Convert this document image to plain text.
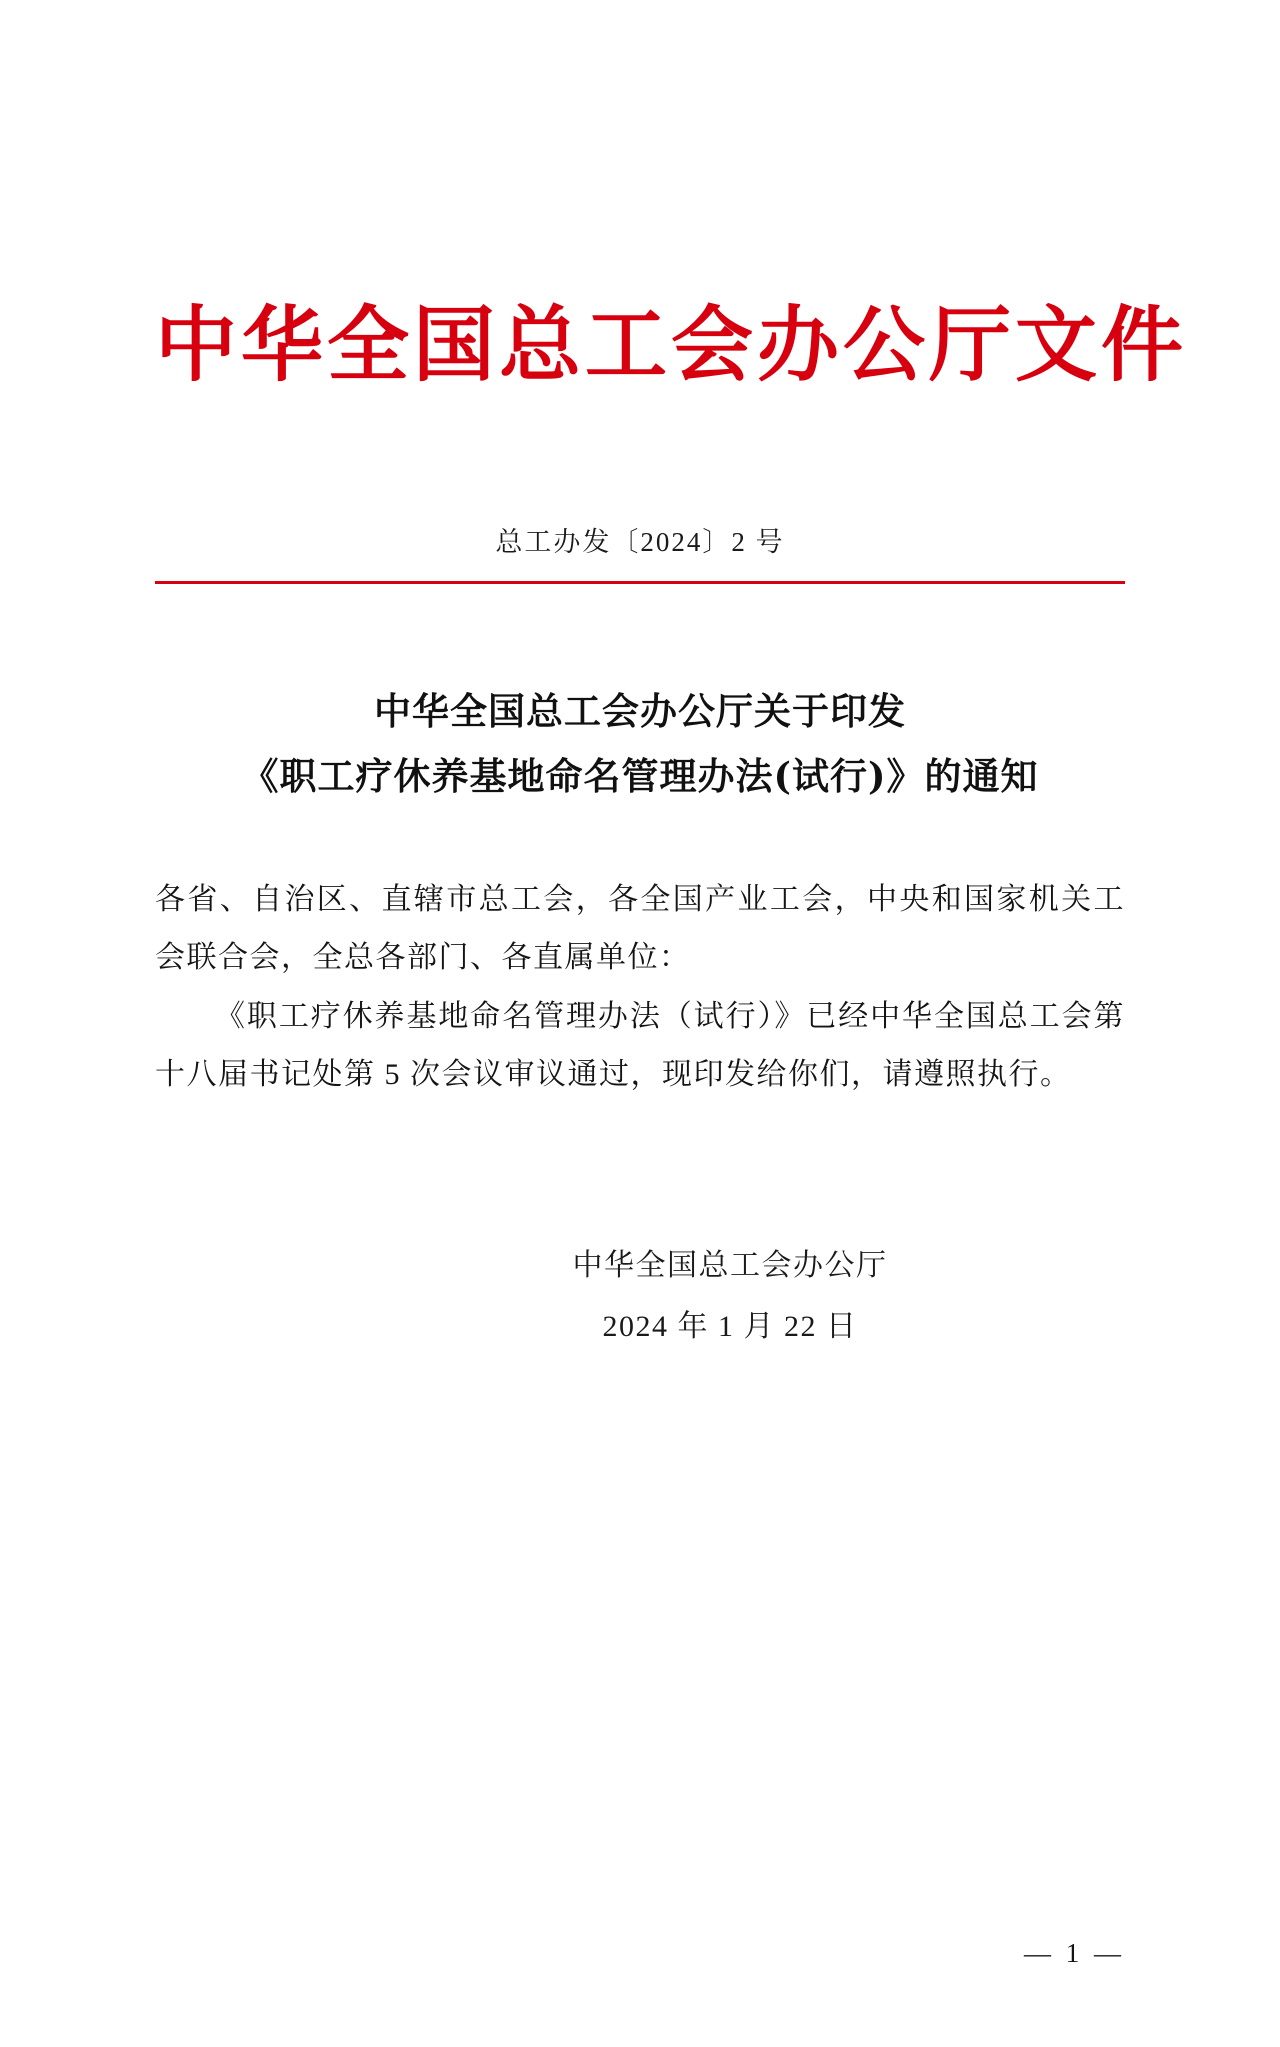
中华全国总工会办公厅文件
总工办发〔2024〕2 号
中华全国总工会办公厅关于印发
《职工疗休养基地命名管理办法(试行)》的通知

各省、自治区、直辖市总工会，各全国产业工会，中央和国家机关工会联合会，全总各部门、各直属单位：

《职工疗休养基地命名管理办法（试行）》已经中华全国总工会第十八届书记处第 5 次会议审议通过，现印发给你们，请遵照执行。

中华全国总工会办公厅
2024 年 1 月 22 日
— 1 —
